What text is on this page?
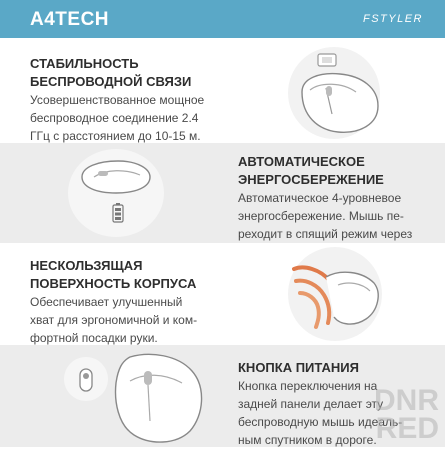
A4TECH	FSTYLER
СТАБИЛЬНОСТЬ
БЕСПРОВОДНОЙ СВЯЗИ
Усовершенствованное мощное
беспроводное соединение 2.4
ГГц с расстоянием до 10-15 м.
АВТОМАТИЧЕСКОЕ
ЭНЕРГОСБЕРЕЖЕНИЕ
Автоматическое 4-уровневое
энергосбережение. Мышь пе-
реходит в спящий режим через
НЕСКОЛЬЗЯЩАЯ
ПОВЕРХНОСТЬ КОРПУСА
Обеспечивает улучшенный
хват для эргономичной и ком-
фортной посадки руки.
КНОПКА ПИТАНИЯ
Кнопка переключения на
задней панели делает эту
беспроводную мышь идеаль-
ным спутником в дороге.
DNR
RED
